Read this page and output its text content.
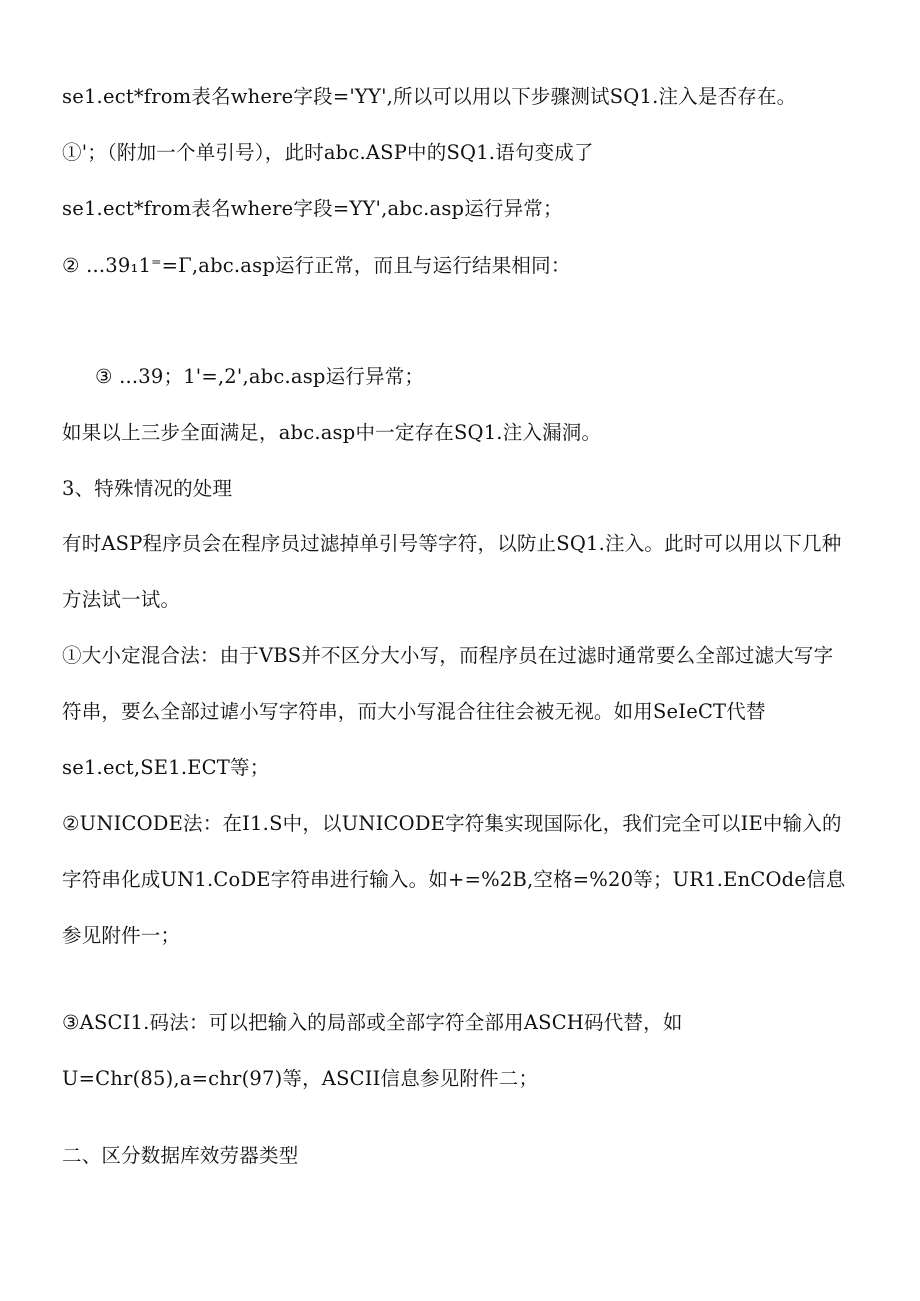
se1.ect*from表名where字段='YY',所以可以用以下步骤测试SQ1.注入是否存在。
①'；（附加一个单引号），此时abc.ASP中的SQ1.语句变成了
se1.ect*from表名where字段=YY',abc.asp运行异常；
② ...39₁1⁼=Γ,abc.asp运行正常，而且与运行结果相同：
③ ...39；1'=,2',abc.asp运行异常；
如果以上三步全面满足，abc.asp中一定存在SQ1.注入漏洞。
3、特殊情况的处理
有时ASP程序员会在程序员过滤掉单引号等字符，以防止SQ1.注入。此时可以用以下几种
方法试一试。
①大小定混合法：由于VBS并不区分大小写，而程序员在过滤时通常要么全部过滤大写字
符串，要么全部过谑小写字符串，而大小写混合往往会被无视。如用SeIeCT代替
se1.ect,SE1.ECT等；
②UNICODE法：在I1.S中，以UNICODE字符集实现国际化，我们完全可以IE中输入的
字符串化成UN1.CoDE字符串进行输入。如+=%2B,空格=%20等；UR1.EnCOde信息
参见附件一；
③ASCI1.码法：可以把输入的局部或全部字符全部用ASCH码代替，如
U=Chr(85),a=chr(97)等，ASCII信息参见附件二；
二、区分数据库效劳器类型
